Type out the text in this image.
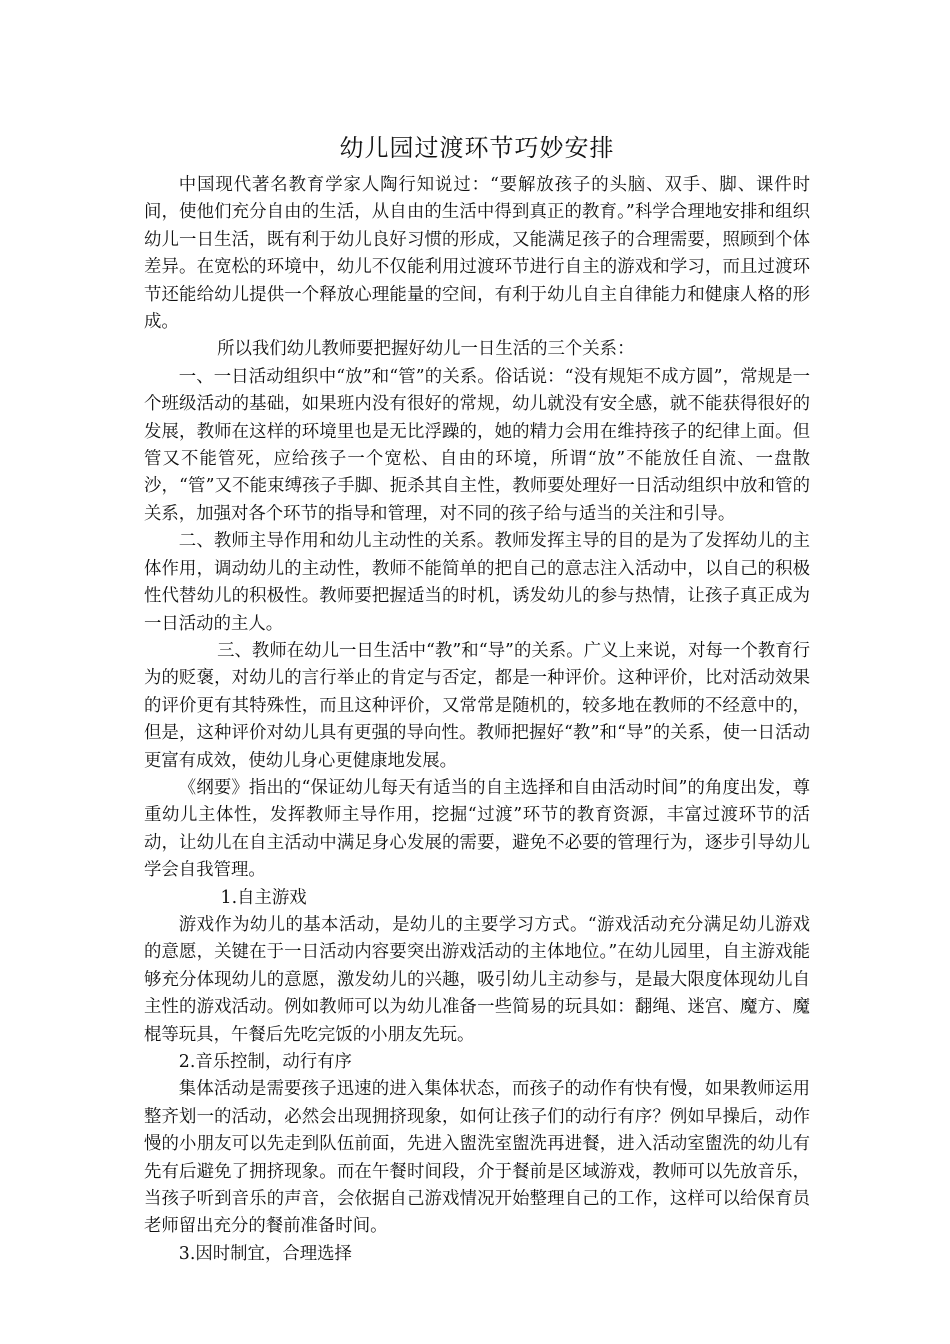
幼儿园过渡环节巧妙安排

中国现代著名教育学家人陶行知说过：“要解放孩子的头脑、双手、脚、课件时间，使他们充分自由的生活，从自由的生活中得到真正的教育。”科学合理地安排和组织幼儿一日生活，既有利于幼儿良好习惯的形成，又能满足孩子的合理需要，照顾到个体差异。在宽松的环境中，幼儿不仅能利用过渡环节进行自主的游戏和学习，而且过渡环节还能给幼儿提供一个释放心理能量的空间，有利于幼儿自主自律能力和健康人格的形成。

所以我们幼儿教师要把握好幼儿一日生活的三个关系：

一、一日活动组织中“放”和“管”的关系。俗话说：“没有规矩不成方圆”，常规是一个班级活动的基础，如果班内没有很好的常规，幼儿就没有安全感，就不能获得很好的发展，教师在这样的环境里也是无比浮躁的，她的精力会用在维持孩子的纪律上面。但管又不能管死，应给孩子一个宽松、自由的环境，所谓“放”不能放任自流、一盘散沙，“管”又不能束缚孩子手脚、扼杀其自主性，教师要处理好一日活动组织中放和管的关系，加强对各个环节的指导和管理，对不同的孩子给与适当的关注和引导。

二、教师主导作用和幼儿主动性的关系。教师发挥主导的目的是为了发挥幼儿的主体作用，调动幼儿的主动性，教师不能简单的把自己的意志注入活动中，以自己的积极性代替幼儿的积极性。教师要把握适当的时机，诱发幼儿的参与热情，让孩子真正成为一日活动的主人。

三、教师在幼儿一日生活中“教”和“导”的关系。广义上来说，对每一个教育行为的贬褒，对幼儿的言行举止的肯定与否定，都是一种评价。这种评价，比对活动效果的评价更有其特殊性，而且这种评价，又常常是随机的，较多地在教师的不经意中的，但是，这种评价对幼儿具有更强的导向性。教师把握好“教”和“导”的关系，使一日活动更富有成效，使幼儿身心更健康地发展。

《纲要》指出的“保证幼儿每天有适当的自主选择和自由活动时间”的角度出发，尊重幼儿主体性，发挥教师主导作用，挖掘“过渡”环节的教育资源，丰富过渡环节的活动，让幼儿在自主活动中满足身心发展的需要，避免不必要的管理行为，逐步引导幼儿学会自我管理。

1.自主游戏

游戏作为幼儿的基本活动，是幼儿的主要学习方式。“游戏活动充分满足幼儿游戏的意愿，关键在于一日活动内容要突出游戏活动的主体地位。”在幼儿园里，自主游戏能够充分体现幼儿的意愿，激发幼儿的兴趣，吸引幼儿主动参与，是最大限度体现幼儿自主性的游戏活动。例如教师可以为幼儿准备一些简易的玩具如：翻绳、迷宫、魔方、魔棍等玩具，午餐后先吃完饭的小朋友先玩。

2.音乐控制，动行有序

集体活动是需要孩子迅速的进入集体状态，而孩子的动作有快有慢，如果教师运用整齐划一的活动，必然会出现拥挤现象，如何让孩子们的动行有序？例如早操后，动作慢的小朋友可以先走到队伍前面，先进入盥洗室盥洗再进餐，进入活动室盥洗的幼儿有先有后避免了拥挤现象。而在午餐时间段，介于餐前是区域游戏，教师可以先放音乐，当孩子听到音乐的声音，会依据自己游戏情况开始整理自己的工作，这样可以给保育员老师留出充分的餐前准备时间。

3.因时制宜，合理选择
